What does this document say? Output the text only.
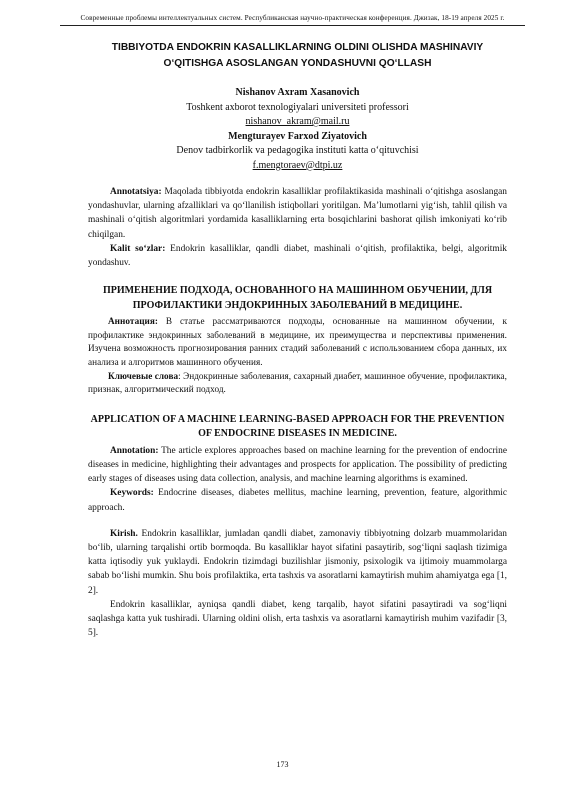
Современные проблемы интеллектуальных систем. Республиканская научно-практическая конференция. Джизак, 18-19 апреля 2025 г.
TIBBIYOTDA ENDOKRIN KASALLIKLARNING OLDINI OLISHDA MASHINAVIY O‘QITISHGA ASOSLANGAN YONDASHUVNI QO‘LLASH
Nishanov Axram Xasanovich
Toshkent axborot texnologiyalari universiteti professori
nishanov_akram@mail.ru
Mengturayev Farxod Ziyatovich
Denov tadbirkorlik va pedagogika instituti katta o‘qituvchisi
f.mengtoraev@dtpi.uz

Annotatsiya: Maqolada tibbiyotda endokrin kasalliklar profilaktikasida mashinali o‘qitishga asoslangan yondashuvlar, ularning afzalliklari va qo‘llanilish istiqbollari yoritilgan. Ma’lumotlarni yig‘ish, tahlil qilish va mashinali o‘qitish algoritmlari yordamida kasalliklarning erta bosqichlarini bashorat qilish imkoniyati ko‘rib chiqilgan.

Kalit so‘zlar: Endokrin kasalliklar, qandli diabet, mashinali o‘qitish, profilaktika, belgi, algoritmik yondashuv.

ПРИМЕНЕНИЕ ПОДХОДА, ОСНОВАННОГО НА МАШИННОМ ОБУЧЕНИИ, ДЛЯ ПРОФИЛАКТИКИ ЭНДОКРИННЫХ ЗАБОЛЕВАНИЙ В МЕДИЦИНЕ.

Аннотация: В статье рассматриваются подходы, основанные на машинном обучении, к профилактике эндокринных заболеваний в медицине, их преимущества и перспективы применения. Изучена возможность прогнозирования ранних стадий заболеваний с использованием сбора данных, их анализа и алгоритмов машинного обучения.

Ключевые слова: Эндокринные заболевания, сахарный диабет, машинное обучение, профилактика, признак, алгоритмический подход.

APPLICATION OF A MACHINE LEARNING-BASED APPROACH FOR THE PREVENTION OF ENDOCRINE DISEASES IN MEDICINE.

Annotation: The article explores approaches based on machine learning for the prevention of endocrine diseases in medicine, highlighting their advantages and prospects for application. The possibility of predicting early stages of diseases using data collection, analysis, and machine learning algorithms is examined.

Keywords: Endocrine diseases, diabetes mellitus, machine learning, prevention, feature, algorithmic approach.

Kirish. Endokrin kasalliklar, jumladan qandli diabet, zamonaviy tibbiyotning dolzarb muammolaridan bo‘lib, ularning tarqalishi ortib bormoqda. Bu kasalliklar hayot sifatini pasaytirib, sog‘liqni saqlash tizimiga katta iqtisodiy yuk yuklaydi. Endokrin tizimdagi buzilishlar jismoniy, psixologik va ijtimoiy muammolarga sabab bo‘lishi mumkin. Shu bois profilaktika, erta tashxis va asoratlarni kamaytirish muhim ahamiyatga ega [1, 2].

Endokrin kasalliklar, ayniqsa qandli diabet, keng tarqalib, hayot sifatini pasaytiradi va sog‘liqni saqlashga katta yuk tushiradi. Ularning oldini olish, erta tashxis va asoratlarni kamaytirish muhim vazifadir [3, 5].

173
